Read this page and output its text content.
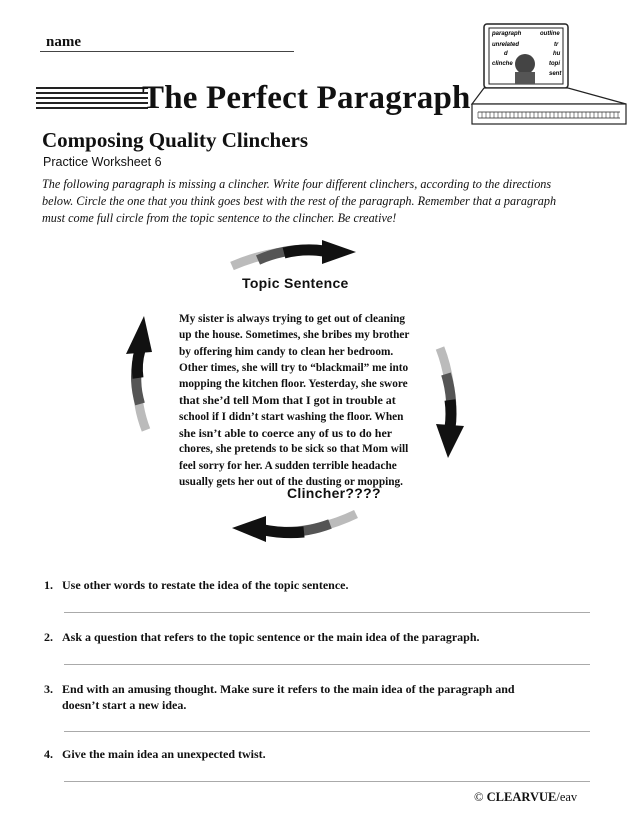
name
The Perfect Paragraph
paragraph	outline
unrelated	tr
d	hu
clinche	topi
sent
Composing Quality Clinchers
Practice Worksheet 6
The following paragraph is missing a clincher. Write four different clinchers, according to the directions below. Circle the one that you think goes best with the rest of the paragraph. Remember that a paragraph must come full circle from the topic sentence to the clincher. Be creative!
Topic Sentence
Clincher????
My sister is always trying to get out of cleaning
up the house. Sometimes, she bribes my brother
by offering him candy to clean her bedroom.
Other times, she will try to “blackmail” me into
mopping the kitchen floor. Yesterday, she swore
that she’d tell Mom that I got in trouble at
school if I didn’t start washing the floor. When
she isn’t able to coerce any of us to do her
chores, she pretends to be sick so that Mom will
feel sorry for her. A sudden terrible headache
usually gets her out of the dusting or mopping.
1. Use other words to restate the idea of the topic sentence.
2. Ask a question that refers to the topic sentence or the main idea of the paragraph.
3. End with an amusing thought. Make sure it refers to the main idea of the paragraph and
doesn’t start a new idea.
4. Give the main idea an unexpected twist.
© CLEARVUE/eav
